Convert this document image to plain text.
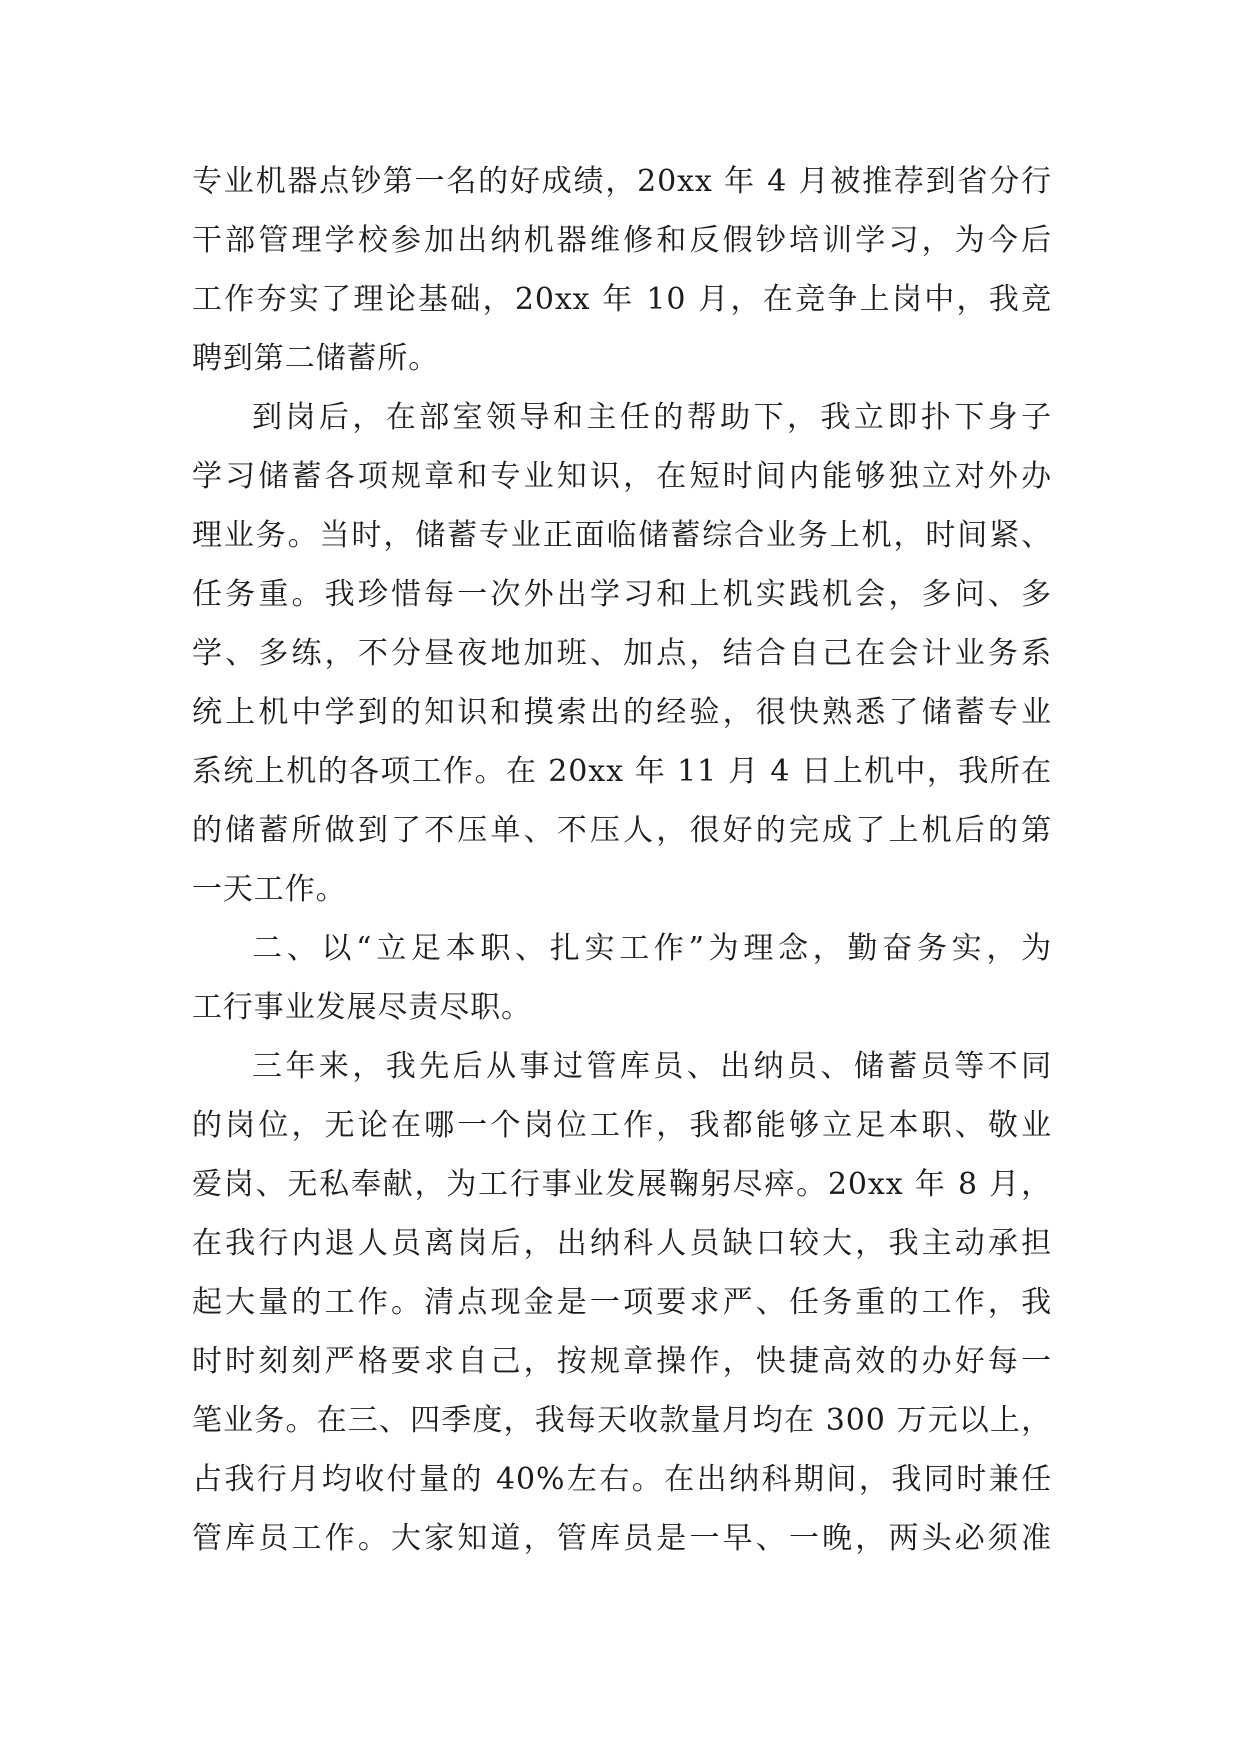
专业机器点钞第一名的好成绩，20xx 年 4 月被推荐到省分行
干部管理学校参加出纳机器维修和反假钞培训学习，为今后
工作夯实了理论基础，20xx 年 10 月，在竞争上岗中，我竞
聘到第二储蓄所。
到岗后，在部室领导和主任的帮助下，我立即扑下身子
学习储蓄各项规章和专业知识，在短时间内能够独立对外办
理业务。当时，储蓄专业正面临储蓄综合业务上机，时间紧、
任务重。我珍惜每一次外出学习和上机实践机会，多问、多
学、多练，不分昼夜地加班、加点，结合自己在会计业务系
统上机中学到的知识和摸索出的经验，很快熟悉了储蓄专业
系统上机的各项工作。在 20xx 年 11 月 4 日上机中，我所在
的储蓄所做到了不压单、不压人，很好的完成了上机后的第
一天工作。
二、以“立足本职、扎实工作”为理念，勤奋务实，为
工行事业发展尽责尽职。
三年来，我先后从事过管库员、出纳员、储蓄员等不同
的岗位，无论在哪一个岗位工作，我都能够立足本职、敬业
爱岗、无私奉献，为工行事业发展鞠躬尽瘁。20xx 年 8 月，
在我行内退人员离岗后，出纳科人员缺口较大，我主动承担
起大量的工作。清点现金是一项要求严、任务重的工作，我
时时刻刻严格要求自己，按规章操作，快捷高效的办好每一
笔业务。在三、四季度，我每天收款量月均在 300 万元以上，
占我行月均收付量的 40%左右。在出纳科期间，我同时兼任
管库员工作。大家知道，管库员是一早、一晚，两头必须准
